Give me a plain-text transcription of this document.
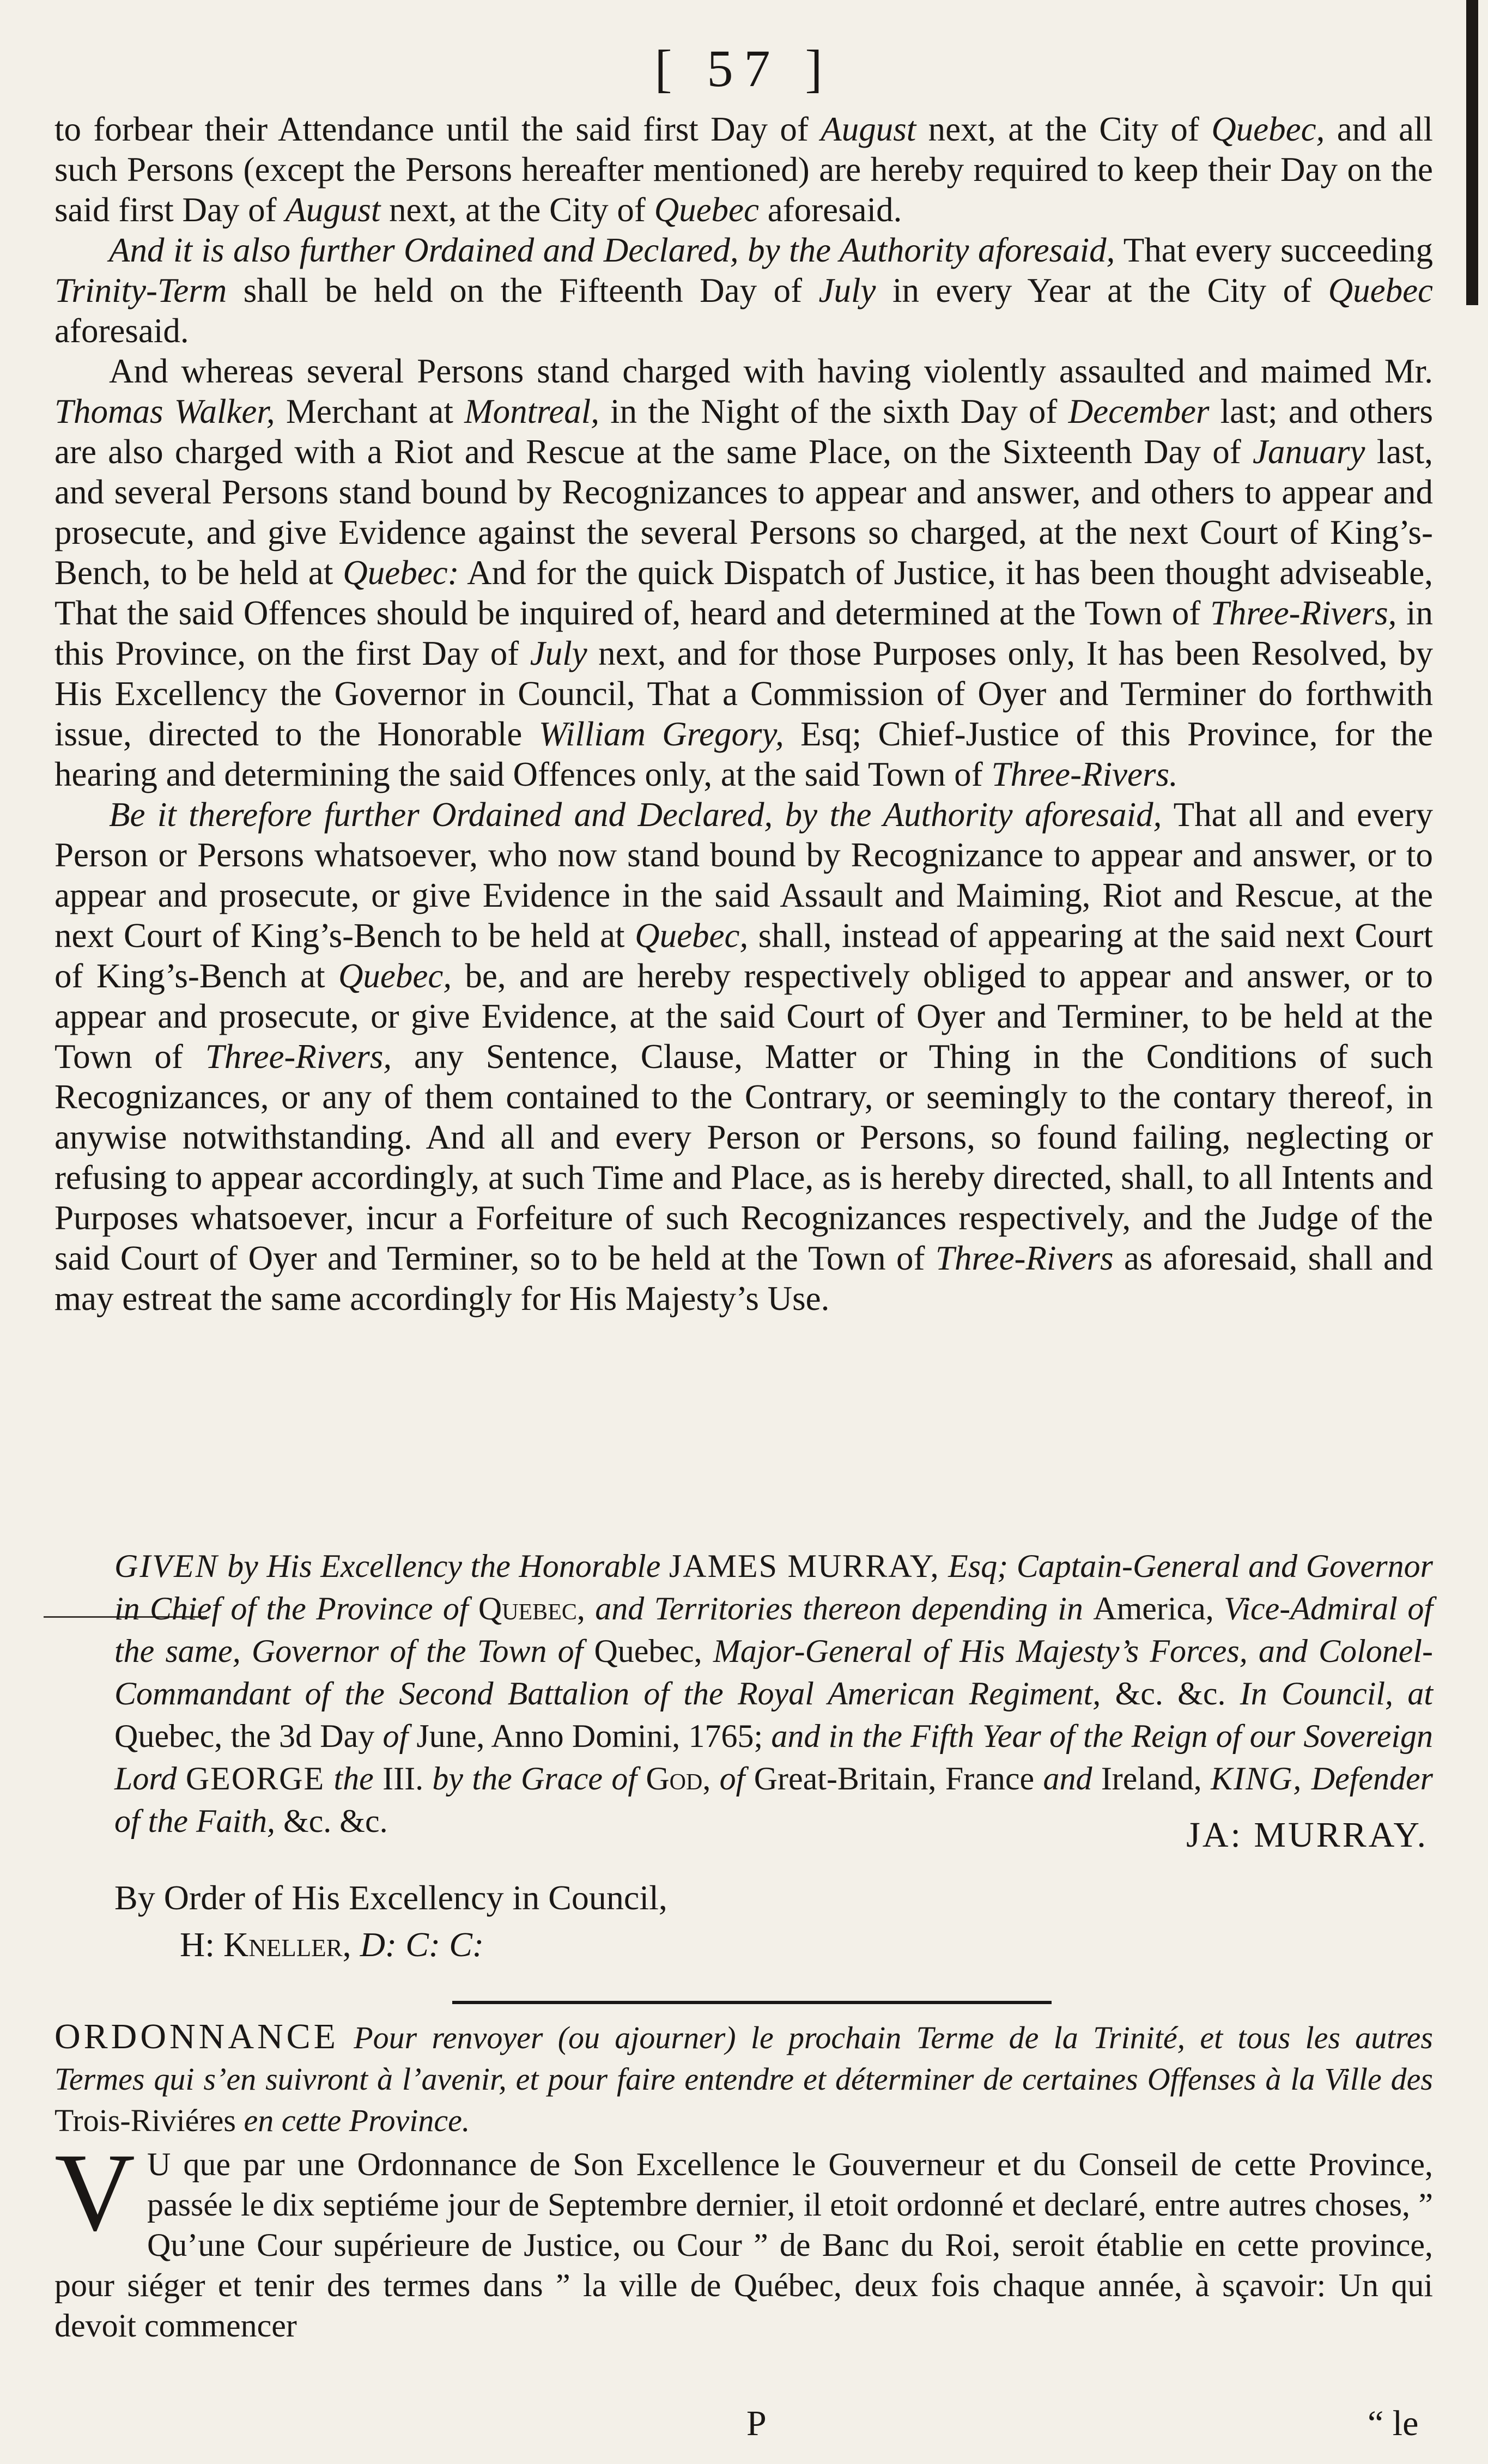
[ 57 ]

to forbear their Attendance until the said first Day of August next, at the City of Quebec, and all such Persons (except the Persons hereafter mentioned) are hereby required to keep their Day on the said first Day of August next, at the City of Quebec aforesaid.

And it is also further Ordained and Declared, by the Authority aforesaid, That every succeeding Trinity-Term shall be held on the Fifteenth Day of July in every Year at the City of Quebec aforesaid.

And whereas several Persons stand charged with having violently assaulted and maimed Mr. Thomas Walker, Merchant at Montreal, in the Night of the sixth Day of December last; and others are also charged with a Riot and Rescue at the same Place, on the Sixteenth Day of January last, and several Persons stand bound by Recognizances to appear and answer, and others to appear and prosecute, and give Evidence against the several Persons so charged, at the next Court of King’s-Bench, to be held at Quebec: And for the quick Dispatch of Justice, it has been thought adviseable, That the said Offences should be inquired of, heard and determined at the Town of Three-Rivers, in this Province, on the first Day of July next, and for those Purposes only, It has been Resolved, by His Excellency the Governor in Council, That a Commission of Oyer and Terminer do forthwith issue, directed to the Honorable William Gregory, Esq; Chief-Justice of this Province, for the hearing and determining the said Offences only, at the said Town of Three-Rivers.

Be it therefore further Ordained and Declared, by the Authority aforesaid, That all and every Person or Persons whatsoever, who now stand bound by Recognizance to appear and answer, or to appear and prosecute, or give Evidence in the said Assault and Maiming, Riot and Rescue, at the next Court of King’s-Bench to be held at Quebec, shall, instead of appearing at the said next Court of King’s-Bench at Quebec, be, and are hereby respectively obliged to appear and answer, or to appear and prosecute, or give Evidence, at the said Court of Oyer and Terminer, to be held at the Town of Three-Rivers, any Sentence, Clause, Matter or Thing in the Conditions of such Recognizances, or any of them contained to the Contrary, or seemingly to the contary thereof, in anywise notwithstanding. And all and every Person or Persons, so found failing, neglecting or refusing to appear accordingly, at such Time and Place, as is hereby directed, shall, to all Intents and Purposes whatsoever, incur a Forfeiture of such Recognizances respectively, and the Judge of the said Court of Oyer and Terminer, so to be held at the Town of Three-Rivers as aforesaid, shall and may estreat the same accordingly for His Majesty’s Use.

GIVEN by His Excellency the Honorable JAMES MURRAY, Esq; Captain-General and Governor in Chief of the Province of Quebec, and Territories thereon depending in America, Vice-Admiral of the same, Governor of the Town of Quebec, Major-General of His Majesty’s Forces, and Colonel-Commandant of the Second Battalion of the Royal American Regiment, &c. &c. In Council, at Quebec, the 3d Day of June, Anno Domini, 1765; and in the Fifth Year of the Reign of our Sovereign Lord GEORGE the III. by the Grace of God, of Great-Britain, France and Ireland, KING, Defender of the Faith, &c. &c.	JA: MURRAY.
By Order of His Excellency in Council,
H: Kneller, D: C: C:
ORDONNANCE Pour renvoyer (ou ajourner) le prochain Terme de la Trinité, et tous les autres Termes qui s’en suivront à l’avenir, et pour faire entendre et déterminer de certaines Offenses à la Ville des Trois-Riviéres en cette Province.
V U que par une Ordonnance de Son Excellence le Gouverneur et du Conseil de cette Province, passée le dix septiéme jour de Septembre dernier, il etoit ordonné et declaré, entre autres choses, ” Qu’une Cour supérieure de Justice, ou Cour ” de Banc du Roi, seroit établie en cette province, pour siéger et tenir des termes dans ” la ville de Québec, deux fois chaque année, à sçavoir: Un qui devoit commencer
P	“ le
